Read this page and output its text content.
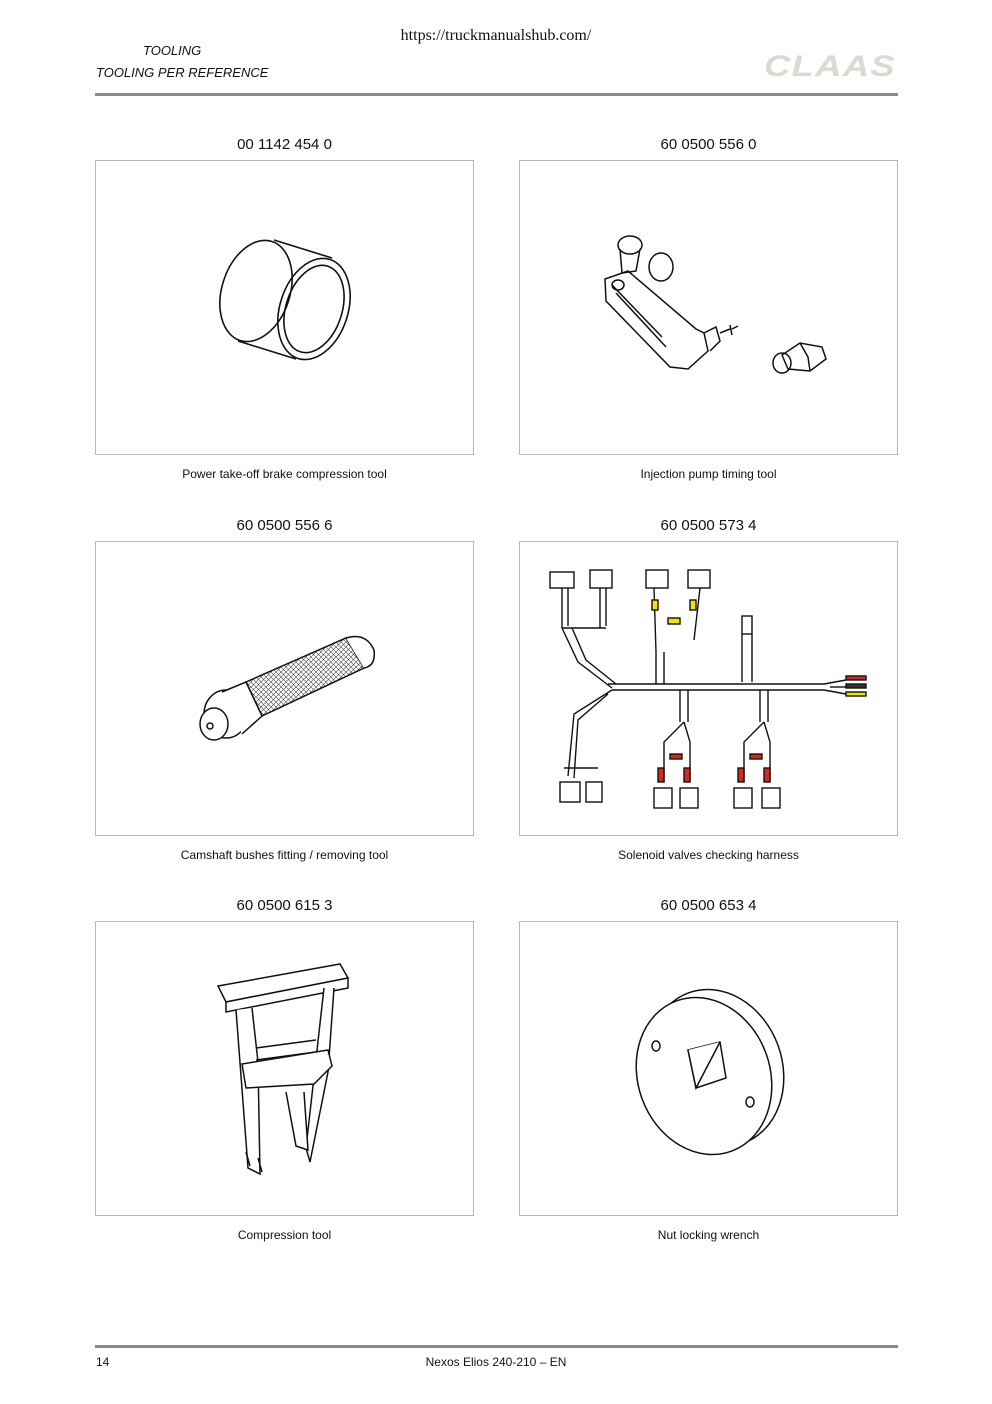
https://truckmanualshub.com/
TOOLING
TOOLING PER REFERENCE	CLAAS
00 1142 454 0
Power take-off brake compression tool
60 0500 556 0
Injection pump timing tool
60 0500 556 6
Camshaft bushes fitting / removing tool
60 0500 573 4
Solenoid valves checking harness
60 0500 615 3
Compression tool
60 0500 653 4
Nut locking wrench
14	Nexos Elios 240-210 – EN
